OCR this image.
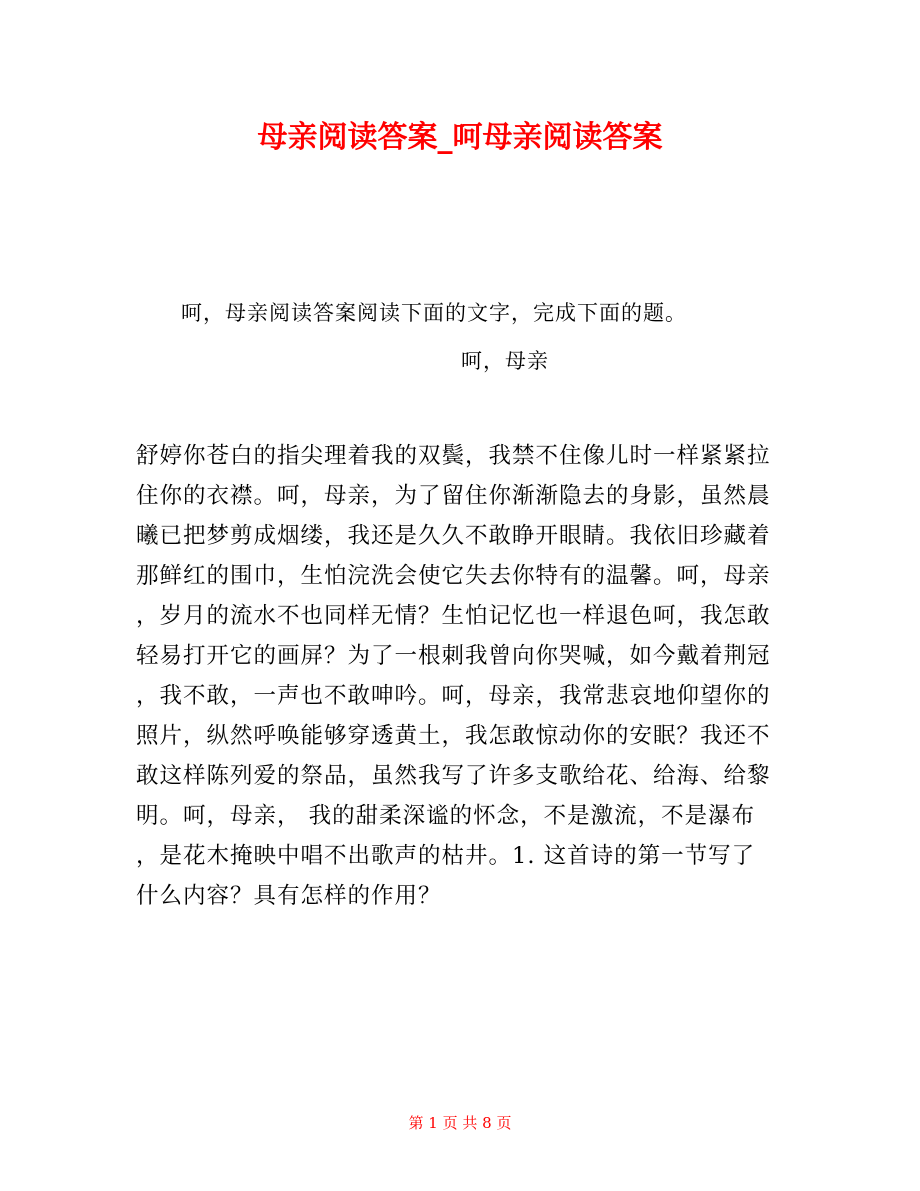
母亲阅读答案_呵母亲阅读答案
呵，母亲阅读答案阅读下面的文字，完成下面的题。
呵，母亲
舒婷你苍白的指尖理着我的双鬓，我禁不住像儿时一样紧紧拉
住你的衣襟。呵，母亲，为了留住你渐渐隐去的身影，虽然晨
曦已把梦剪成烟缕，我还是久久不敢睁开眼睛。我依旧珍藏着
那鲜红的围巾，生怕浣洗会使它失去你特有的温馨。呵，母亲
，岁月的流水不也同样无情？生怕记忆也一样退色呵，我怎敢
轻易打开它的画屏？为了一根刺我曾向你哭喊，如今戴着荆冠
，我不敢，一声也不敢呻吟。呵，母亲，我常悲哀地仰望你的
照片，纵然呼唤能够穿透黄土，我怎敢惊动你的安眠？我还不
敢这样陈列爱的祭品，虽然我写了许多支歌给花、给海、给黎
明。呵，母亲， 我的甜柔深谧的怀念，不是激流，不是瀑布
，是花木掩映中唱不出歌声的枯井。1. 这首诗的第一节写了
什么内容？具有怎样的作用？
第 1 页 共 8 页
